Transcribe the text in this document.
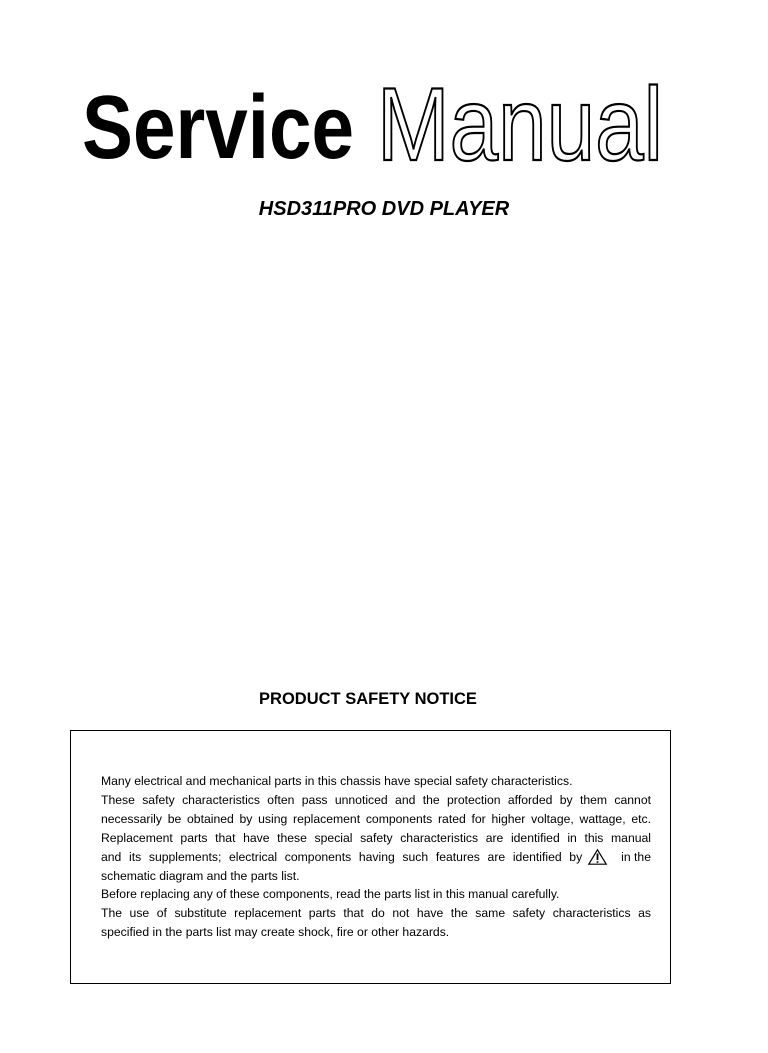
Service Manual
HSD311PRO DVD PLAYER
PRODUCT SAFETY NOTICE
Many electrical and mechanical parts in this chassis have special safety characteristics.
These safety characteristics often pass unnoticed and the protection afforded by them cannot
necessarily be obtained by using replacement components rated for higher voltage, wattage, etc.
Replacement parts that have these special safety characteristics are identified in this manual
and its supplements; electrical components having such features are identified by	in the
schematic diagram and the parts list.
Before replacing any of these components, read the parts list in this manual carefully.
The use of substitute replacement parts that do not have the same safety characteristics as
specified in the parts list may create shock, fire or other hazards.
